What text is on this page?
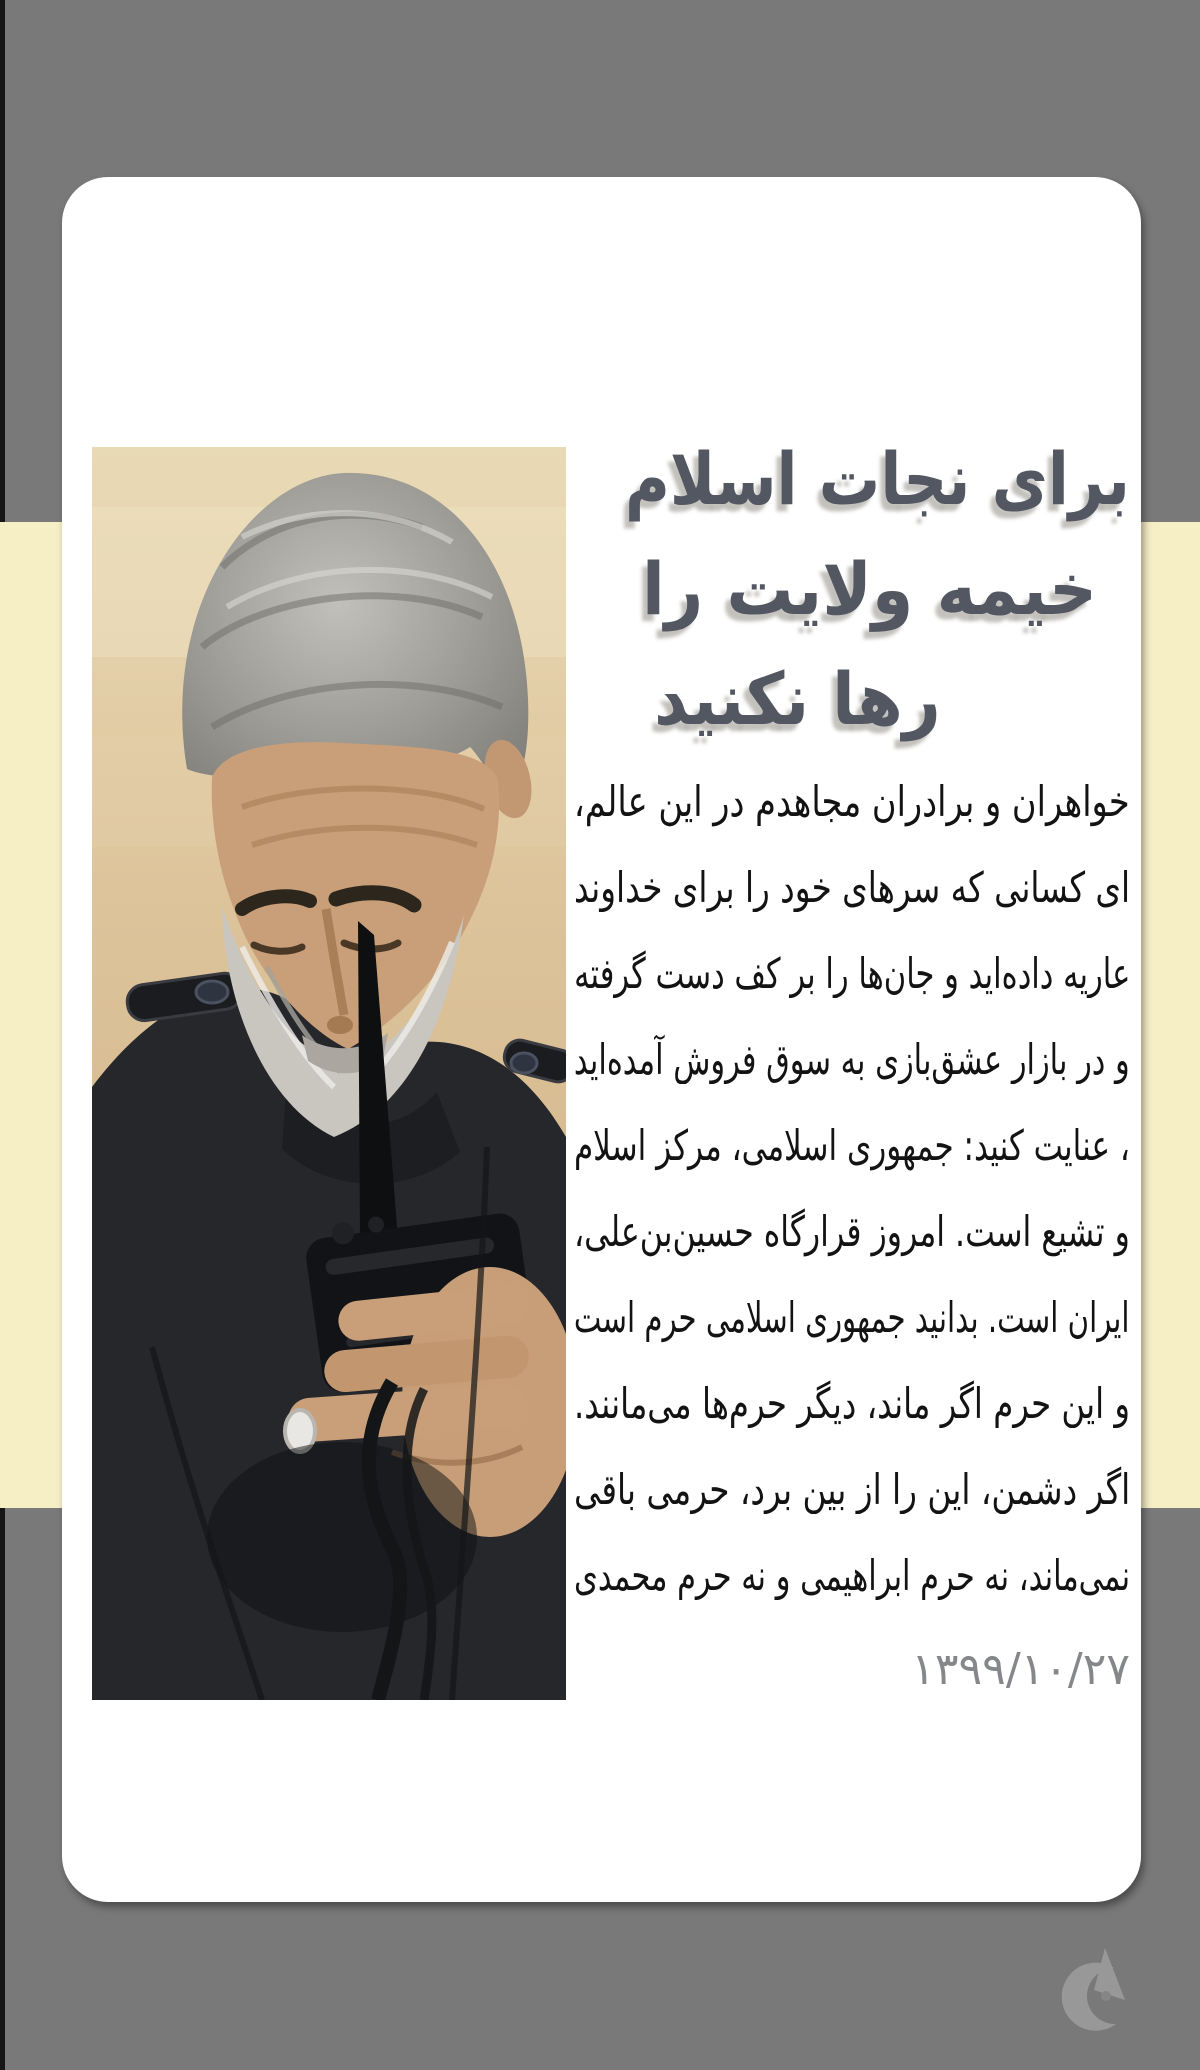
برای نجات اسلام
خیمه ولایت را
رها نکنید
خواهران و برادران مجاهدم در این عالم،
ای کسانی که سرهای خود را برای خداوند
عاریه داده‌اید و جان‌ها را بر کف دست گرفته
و در بازار عشق‌بازی به سوق فروش آمده‌اید
، عنایت کنید: جمهوری اسلامی، مرکز اسلام
و تشیع است. امروز قرارگاه حسین‌بن‌علی،
ایران است. بدانید جمهوری اسلامی حرم است
و این حرم اگر ماند، دیگر حرم‌ها می‌مانند.
اگر دشمن، این را از بین برد، حرمی باقی
نمی‌ماند، نه حرم ابراهیمی و نه حرم محمدی
۱۳۹۹/۱۰/۲۷
